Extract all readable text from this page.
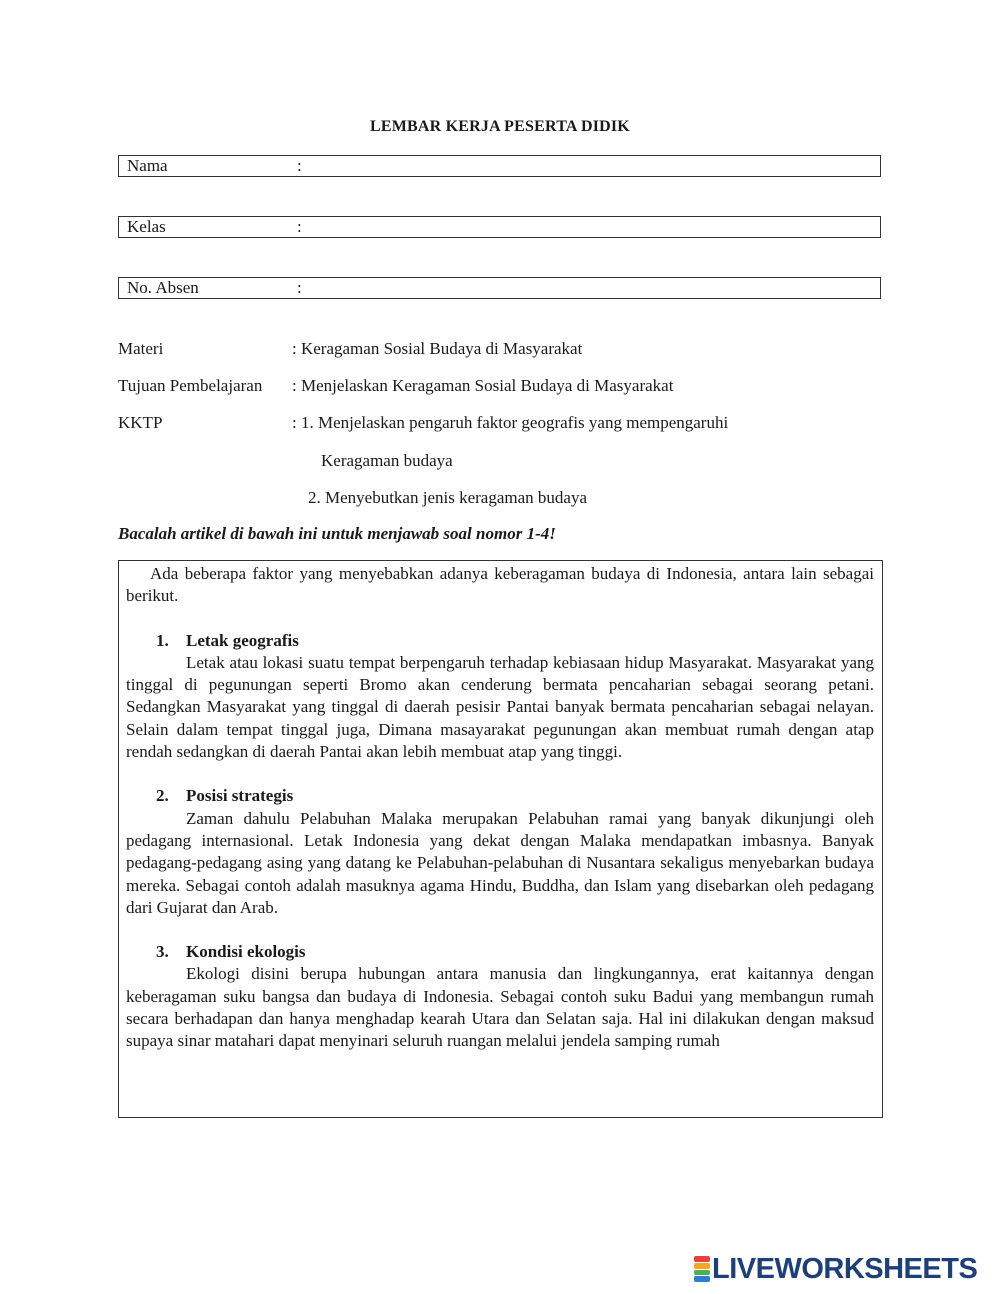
LEMBAR KERJA PESERTA DIDIK
Nama	:
Kelas	:
No. Absen	:
Materi	: Keragaman Sosial Budaya di Masyarakat
Tujuan Pembelajaran : Menjelaskan Keragaman Sosial Budaya di Masyarakat
KKTP	: 1. Menjelaskan pengaruh faktor geografis yang mempengaruhi
Keragaman budaya
2. Menyebutkan jenis keragaman budaya
Bacalah artikel di bawah ini untuk menjawab soal nomor 1-4!

Ada beberapa faktor yang menyebabkan adanya keberagaman budaya di Indonesia, antara lain sebagai berikut.

1. Letak geografis

Letak atau lokasi suatu tempat berpengaruh terhadap kebiasaan hidup Masyarakat. Masyarakat yang tinggal di pegunungan seperti Bromo akan cenderung bermata pencaharian sebagai seorang petani. Sedangkan Masyarakat yang tinggal di daerah pesisir Pantai banyak bermata pencaharian sebagai nelayan. Selain dalam tempat tinggal juga, Dimana masayarakat pegunungan akan membuat rumah dengan atap rendah sedangkan di daerah Pantai akan lebih membuat atap yang tinggi.

2. Posisi strategis

Zaman dahulu Pelabuhan Malaka merupakan Pelabuhan ramai yang banyak dikunjungi oleh pedagang internasional. Letak Indonesia yang dekat dengan Malaka mendapatkan imbasnya. Banyak pedagang-pedagang asing yang datang ke Pelabuhan-pelabuhan di Nusantara sekaligus menyebarkan budaya mereka. Sebagai contoh adalah masuknya agama Hindu, Buddha, dan Islam yang disebarkan oleh pedagang dari Gujarat dan Arab.

3. Kondisi ekologis

Ekologi disini berupa hubungan antara manusia dan lingkungannya, erat kaitannya dengan keberagaman suku bangsa dan budaya di Indonesia. Sebagai contoh suku Badui yang membangun rumah secara berhadapan dan hanya menghadap kearah Utara dan Selatan saja. Hal ini dilakukan dengan maksud supaya sinar matahari dapat menyinari seluruh ruangan melalui jendela samping rumah

LIVEWORKSHEETS
